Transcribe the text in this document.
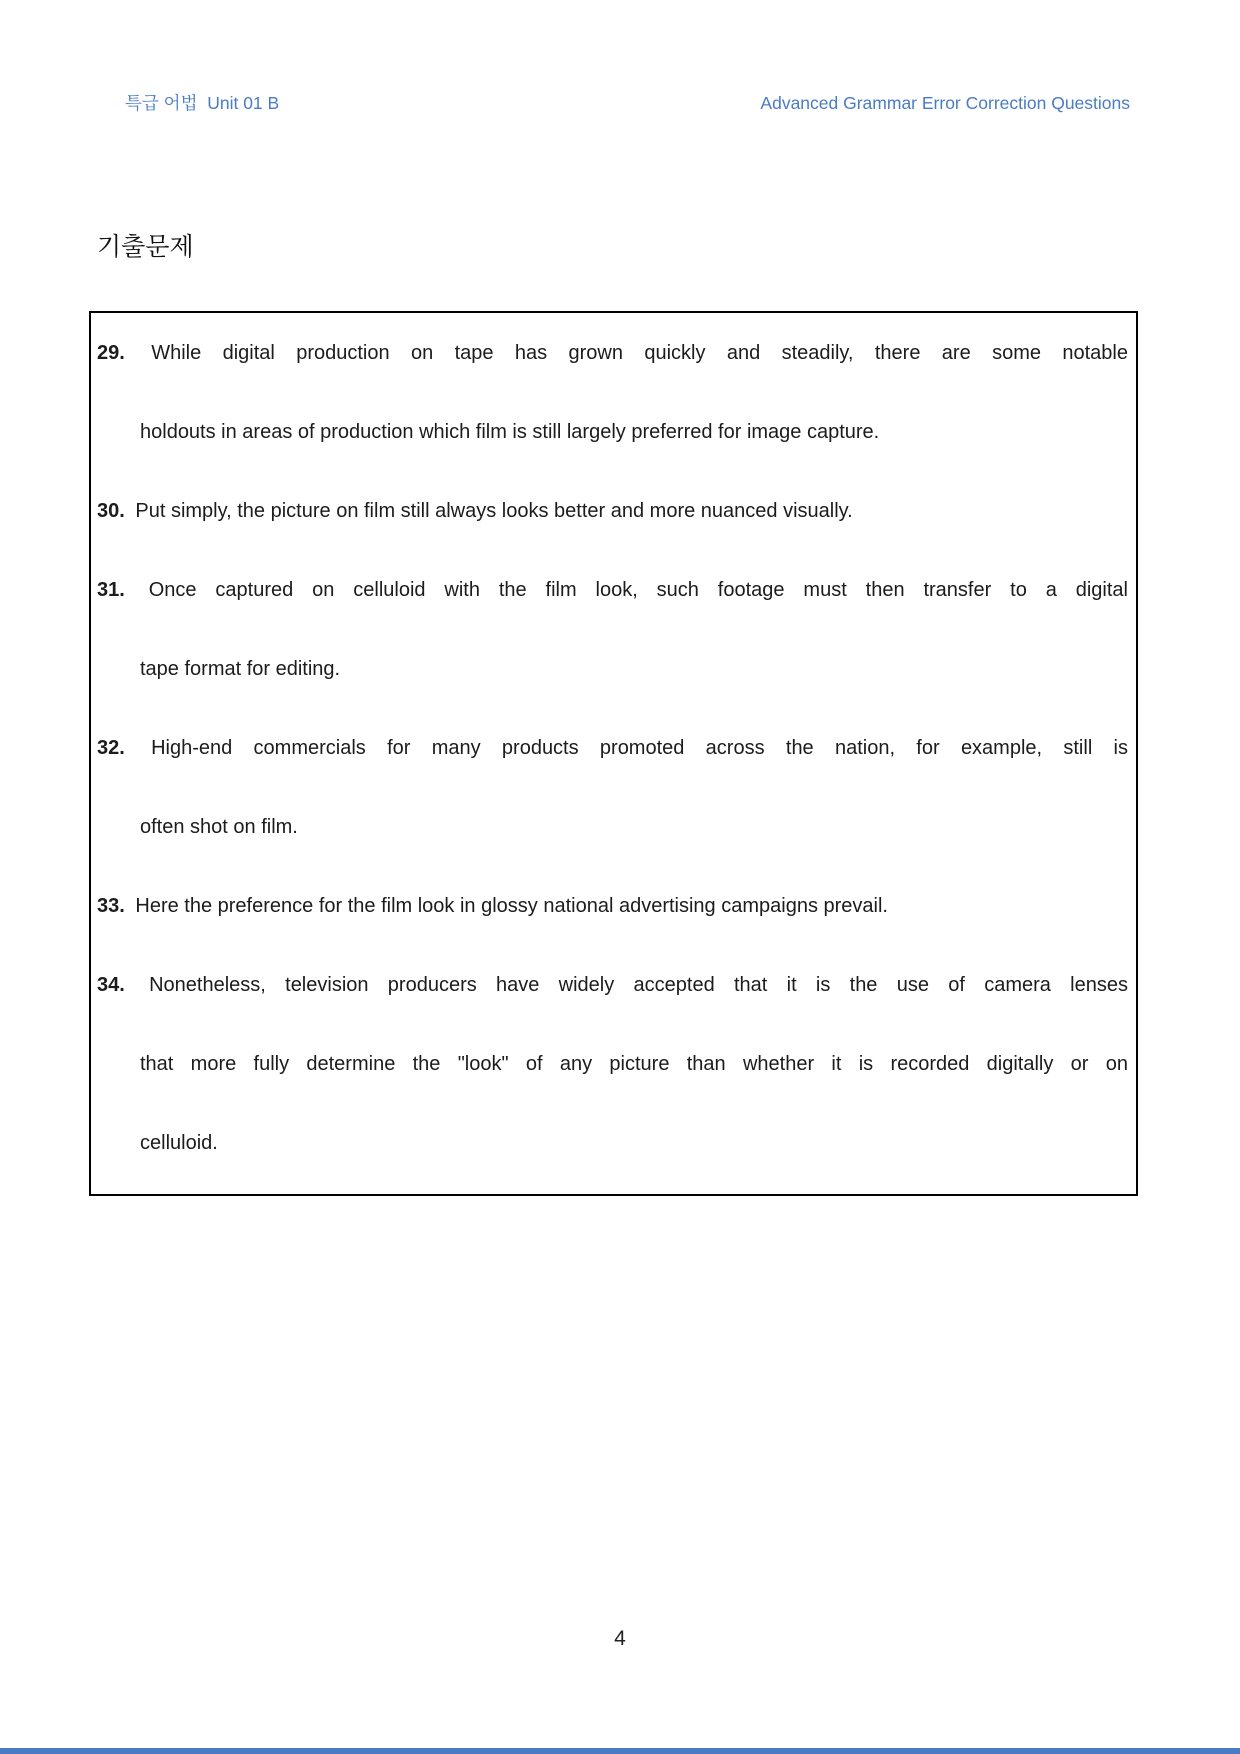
특급 어법  Unit 01 B	Advanced Grammar Error Correction Questions
기출문제
29. While digital production on tape has grown quickly and steadily, there are some notable
holdouts in areas of production which film is still largely preferred for image capture.
30. Put simply, the picture on film still always looks better and more nuanced visually.
31. Once captured on celluloid with the film look, such footage must then transfer to a digital
tape format for editing.
32. High-end commercials for many products promoted across the nation, for example, still is
often shot on film.
33. Here the preference for the film look in glossy national advertising campaigns prevail.
34. Nonetheless, television producers have widely accepted that it is the use of camera lenses
that more fully determine the "look" of any picture than whether it is recorded digitally or on
celluloid.
4
